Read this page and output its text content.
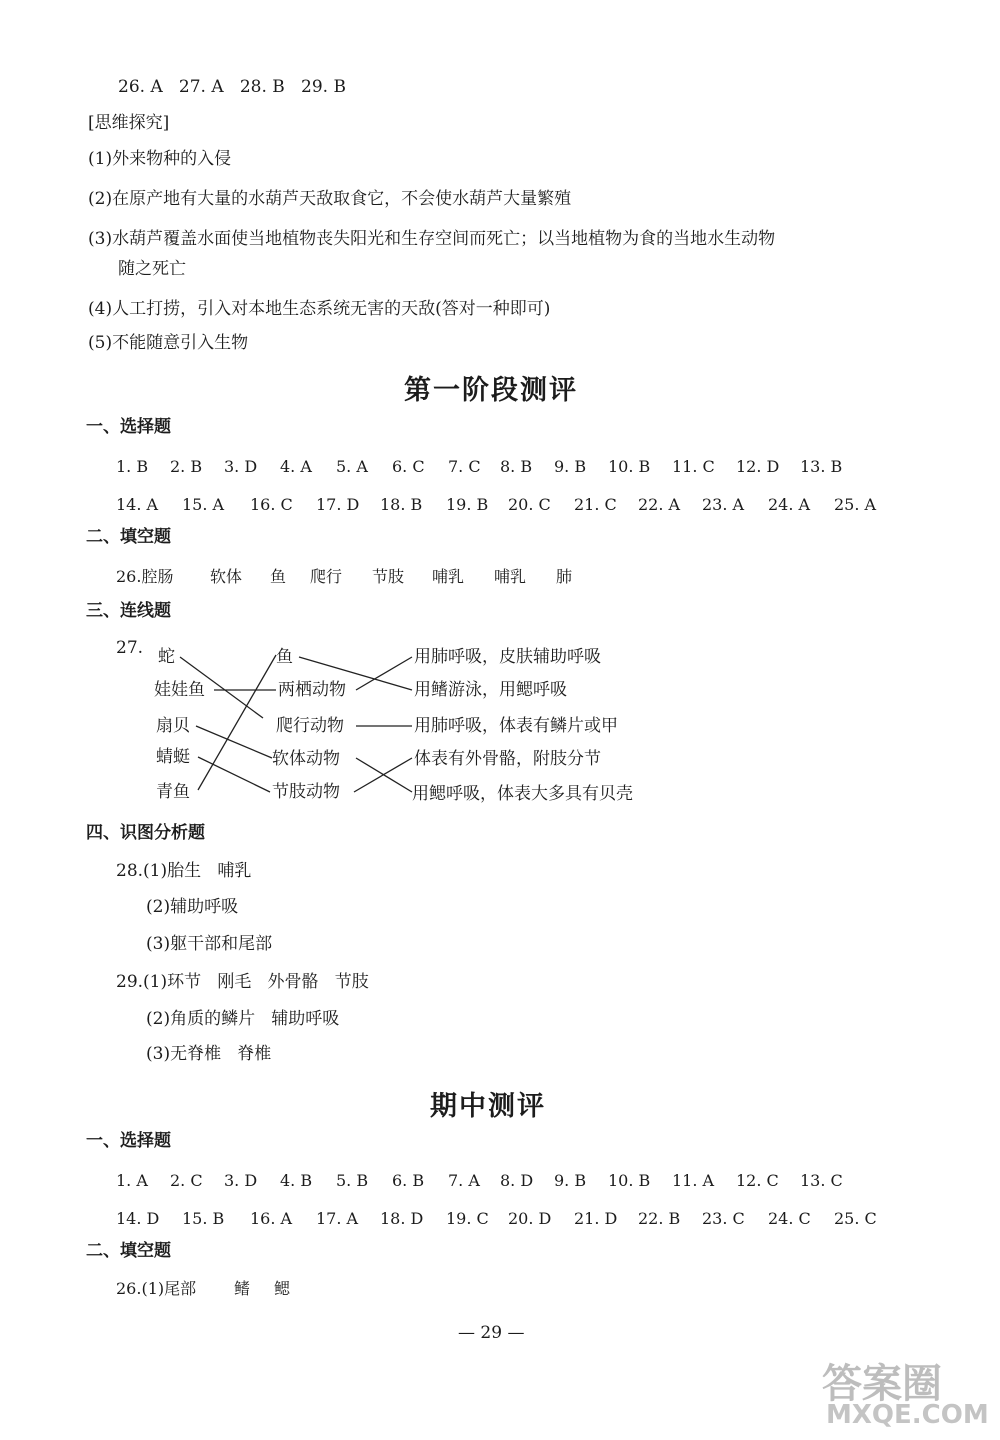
26. A   27. A   28. B   29. B
[思维探究]
(1)外来物种的入侵
(2)在原产地有大量的水葫芦天敌取食它，不会使水葫芦大量繁殖
(3)水葫芦覆盖水面使当地植物丧失阳光和生存空间而死亡；以当地植物为食的当地水生动物
随之死亡
(4)人工打捞，引入对本地生态系统无害的天敌(答对一种即可)
(5)不能随意引入生物
第一阶段测评
一、选择题
1. B 2. B 3. D 4. A 5. A 6. C 7. C 8. B 9. B 10. B 11. C 12. D 13. B
14. A 15. A 16. C 17. D 18. B 19. B 20. C 21. C 22. A 23. A 24. A 25. A
二、填空题
26.腔肠 软体 鱼 爬行 节肢 哺乳 哺乳 肺
三、连线题
27. 蛇
娃娃鱼
扇贝
蜻蜓
青鱼
鱼
两栖动物
爬行动物
软体动物
节肢动物
用肺呼吸，皮肤辅助呼吸
用鳍游泳，用鳃呼吸
用肺呼吸，体表有鳞片或甲
体表有外骨骼，附肢分节
用鳃呼吸，体表大多具有贝壳
四、识图分析题
28.(1)胎生   哺乳
(2)辅助呼吸
(3)躯干部和尾部
29.(1)环节   刚毛   外骨骼   节肢
(2)角质的鳞片   辅助呼吸
(3)无脊椎   脊椎
期中测评
一、选择题
1. A 2. C 3. D 4. B 5. B 6. B 7. A 8. D 9. B 10. B 11. A 12. C 13. C
14. D 15. B 16. A 17. A 18. D 19. C 20. D 21. D 22. B 23. C 24. C 25. C
二、填空题
26.(1)尾部 鳍 鳃
— 29 —
答案圈
MXQE.COM
